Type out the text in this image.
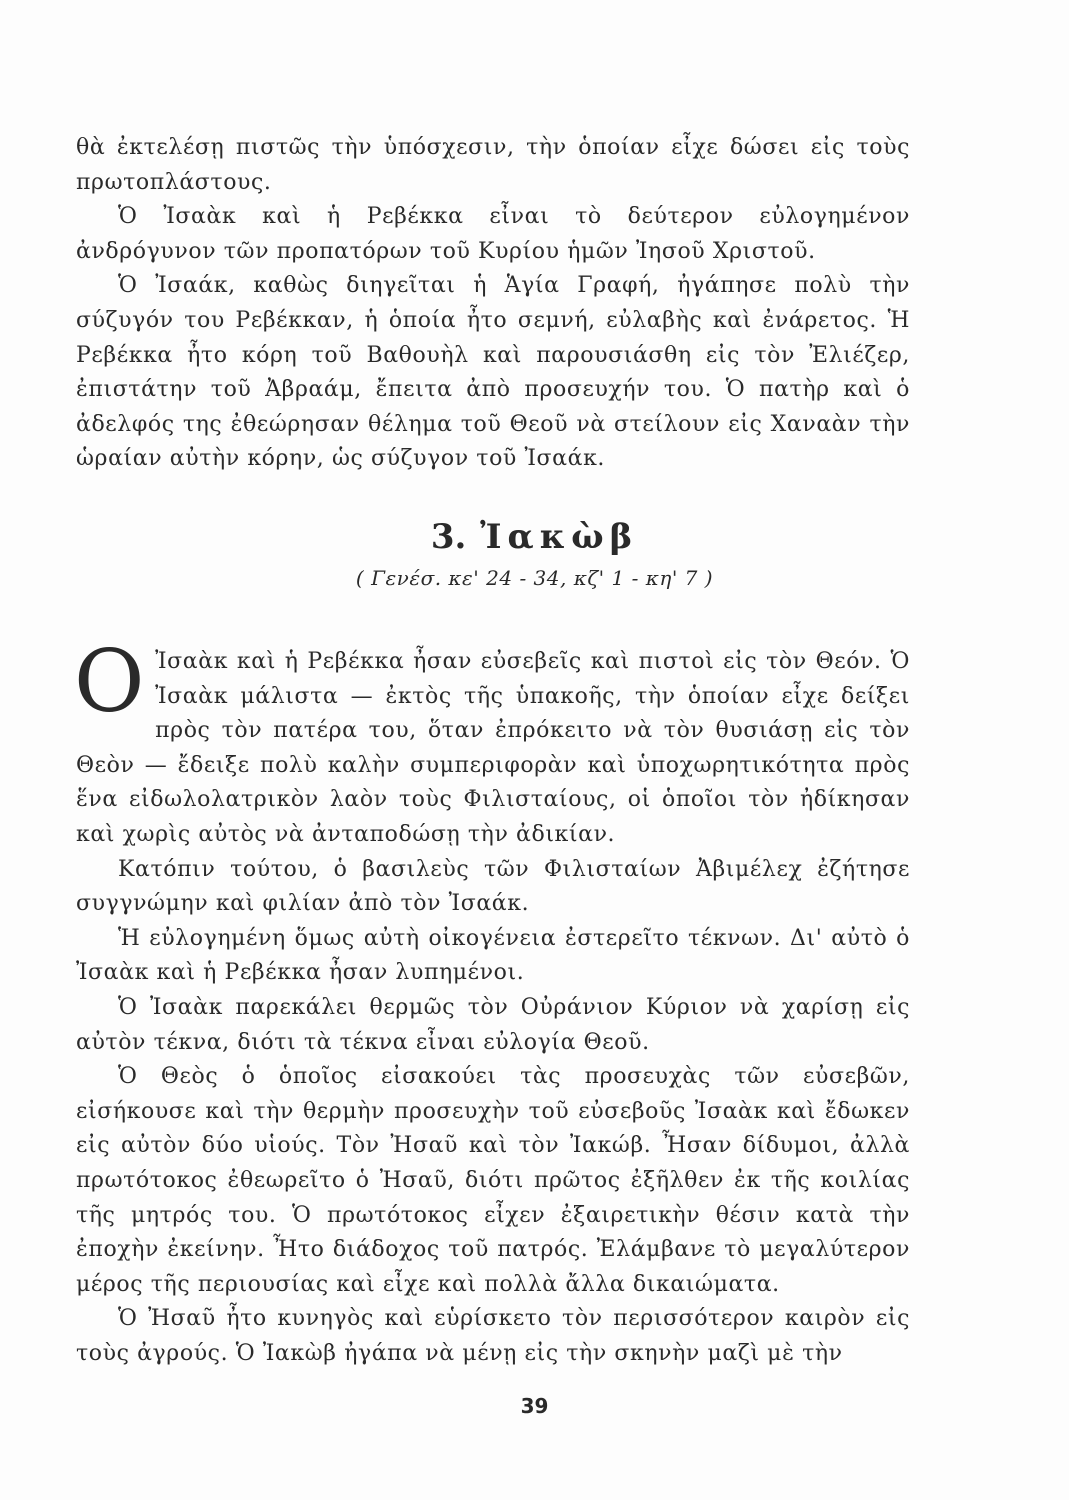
θὰ ἐκτελέσῃ πιστῶς τὴν ὑπόσχεσιν, τὴν ὁποίαν εἶχε δώσει εἰς τοὺς πρωτοπλάστους.

Ὁ Ἰσαὰκ καὶ ἡ Ρεβέκκα εἶναι τὸ δεύτερον εὐλογημένον ἀνδρόγυνον τῶν προπατόρων τοῦ Κυρίου ἡμῶν Ἰησοῦ Χριστοῦ.

Ὁ Ἰσαάκ, καθὼς διηγεῖται ἡ Ἁγία Γραφή, ἠγάπησε πολὺ τὴν σύζυγόν του Ρεβέκκαν, ἡ ὁποία ἦτο σεμνή, εὐλαβὴς καὶ ἐνάρετος. Ἡ Ρεβέκκα ἦτο κόρη τοῦ Βαθουὴλ καὶ παρουσιάσθη εἰς τὸν Ἐλιέζερ, ἐπιστάτην τοῦ Ἀβραάμ, ἔπειτα ἀπὸ προσευχήν του. Ὁ πατὴρ καὶ ὁ ἀδελφός της ἐθεώρησαν θέλημα τοῦ Θεοῦ νὰ στείλουν εἰς Χαναὰν τὴν ὡραίαν αὐτὴν κόρην, ὡς σύζυγον τοῦ Ἰσαάκ.

3. Ἰακὼβ
( Γενέσ. κε' 24 - 34, κζ' 1 - κη' 7 )

Ο Ἰσαὰκ καὶ ἡ Ρεβέκκα ἦσαν εὐσεβεῖς καὶ πιστοὶ εἰς τὸν Θεόν. Ὁ Ἰσαὰκ μάλιστα — ἐκτὸς τῆς ὑπακοῆς, τὴν ὁποίαν εἶχε δείξει πρὸς τὸν πατέρα του, ὅταν ἐπρόκειτο νὰ τὸν θυσιάσῃ εἰς τὸν Θεὸν — ἔδειξε πολὺ καλὴν συμπεριφορὰν καὶ ὑποχωρητικότητα πρὸς ἕνα εἰδωλολατρικὸν λαὸν τοὺς Φιλισταίους, οἱ ὁποῖοι τὸν ἠδίκησαν καὶ χωρὶς αὐτὸς νὰ ἀνταποδώσῃ τὴν ἀδικίαν.

Κατόπιν τούτου, ὁ βασιλεὺς τῶν Φιλισταίων Ἀβιμέλεχ ἐζήτησε συγγνώμην καὶ φιλίαν ἀπὸ τὸν Ἰσαάκ.

Ἡ εὐλογημένη ὅμως αὐτὴ οἰκογένεια ἐστερεῖτο τέκνων. Δι' αὐτὸ ὁ Ἰσαὰκ καὶ ἡ Ρεβέκκα ἦσαν λυπημένοι.

Ὁ Ἰσαὰκ παρεκάλει θερμῶς τὸν Οὐράνιον Κύριον νὰ χαρίσῃ εἰς αὐτὸν τέκνα, διότι τὰ τέκνα εἶναι εὐλογία Θεοῦ.

Ὁ Θεὸς ὁ ὁποῖος εἰσακούει τὰς προσευχὰς τῶν εὐσεβῶν, εἰσήκουσε καὶ τὴν θερμὴν προσευχὴν τοῦ εὐσεβοῦς Ἰσαὰκ καὶ ἔδωκεν εἰς αὐτὸν δύο υἱούς. Τὸν Ἠσαῦ καὶ τὸν Ἰακώβ. Ἦσαν δίδυμοι, ἀλλὰ πρωτότοκος ἐθεωρεῖτο ὁ Ἠσαῦ, διότι πρῶτος ἐξῆλθεν ἐκ τῆς κοιλίας τῆς μητρός του. Ὁ πρωτότοκος εἶχεν ἐξαιρετικὴν θέσιν κατὰ τὴν ἐποχὴν ἐκείνην. Ἦτο διάδοχος τοῦ πατρός. Ἐλάμβανε τὸ μεγαλύτερον μέρος τῆς περιουσίας καὶ εἶχε καὶ πολλὰ ἄλλα δικαιώματα.

Ὁ Ἠσαῦ ἦτο κυνηγὸς καὶ εὑρίσκετο τὸν περισσότερον καιρὸν εἰς τοὺς ἀγρούς. Ὁ Ἰακὼβ ἠγάπα νὰ μένῃ εἰς τὴν σκηνὴν μαζὶ μὲ τὴν

39
